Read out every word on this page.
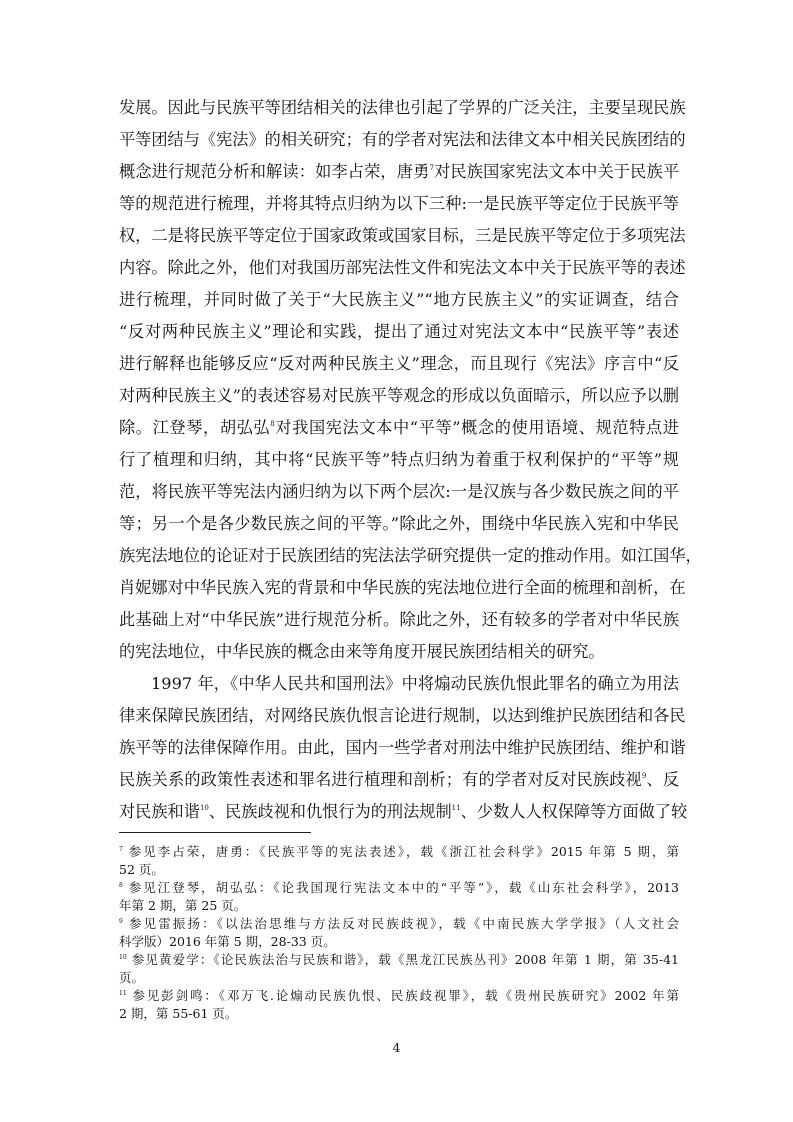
发展。因此与民族平等团结相关的法律也引起了学界的广泛关注，主要呈现民族
平等团结与《宪法》的相关研究；有的学者对宪法和法律文本中相关民族团结的
概念进行规范分析和解读：如李占荣，唐勇$^7$对民族国家宪法文本中关于民族平
等的规范进行梳理，并将其特点归纳为以下三种:一是民族平等定位于民族平等
权，二是将民族平等定位于国家政策或国家目标，三是民族平等定位于多项宪法
内容。除此之外，他们对我国历部宪法性文件和宪法文本中关于民族平等的表述
进行梳理，并同时做了关于“大民族主义”“地方民族主义”的实证调查，结合
“反对两种民族主义”理论和实践，提出了通过对宪法文本中“民族平等”表述
进行解释也能够反应“反对两种民族主义”理念，而且现行《宪法》序言中“反
对两种民族主义”的表述容易对民族平等观念的形成以负面暗示，所以应予以删
除。江登琴，胡弘弘$^8$对我国宪法文本中“平等”概念的使用语境、规范特点进
行了植理和归纳，其中将“民族平等”特点归纳为着重于权利保护的“平等”规
范，将民族平等宪法内涵归纳为以下两个层次:一是汉族与各少数民族之间的平
等；另一个是各少数民族之间的平等。”除此之外，围绕中华民族入宪和中华民
族宪法地位的论证对于民族团结的宪法法学研究提供一定的推动作用。如江国华，
肖妮娜对中华民族入宪的背景和中华民族的宪法地位进行全面的梳理和剖析，在
此基础上对“中华民族”进行规范分析。除此之外，还有较多的学者对中华民族
的宪法地位，中华民族的概念由来等角度开展民族团结相关的研究。
1997 年，《中华人民共和国刑法》中将煽动民族仇恨此罪名的确立为用法
律来保障民族团结，对网络民族仇恨言论进行规制，以达到维护民族团结和各民
族平等的法律保障作用。由此，国内一些学者对刑法中维护民族团结、维护和谐
民族关系的政策性表述和罪名进行植理和剖析；有的学者对反对民族歧视$^9$、反
对民族和谐$^{10}$、民族歧视和仇恨行为的刑法规制$^{11}$、少数人人权保障等方面做了较
$^7$ 参见李占荣，唐勇：《民族平等的宪法表述》，载《浙江社会科学》2015 年第 5 期，第
52 页。
$^8$ 参见江登琴，胡弘弘：《论我国现行宪法文本中的“平等”》，载《山东社会科学》，2013
年第 2 期，第 25 页。
$^9$ 参见雷振扬：《以法治思维与方法反对民族歧视》，载《中南民族大学学报》（人文社会
科学版）2016 年第 5 期，28-33 页。
$^{10}$ 参见黄爱学：《论民族法治与民族和谐》，载《黑龙江民族丛刊》2008 年第 1 期，第 35-41
页。
$^{11}$ 参见彭剑鸣：《邓万飞.论煽动民族仇恨、民族歧视罪》，载《贵州民族研究》2002 年第
2 期，第 55-61 页。
4
